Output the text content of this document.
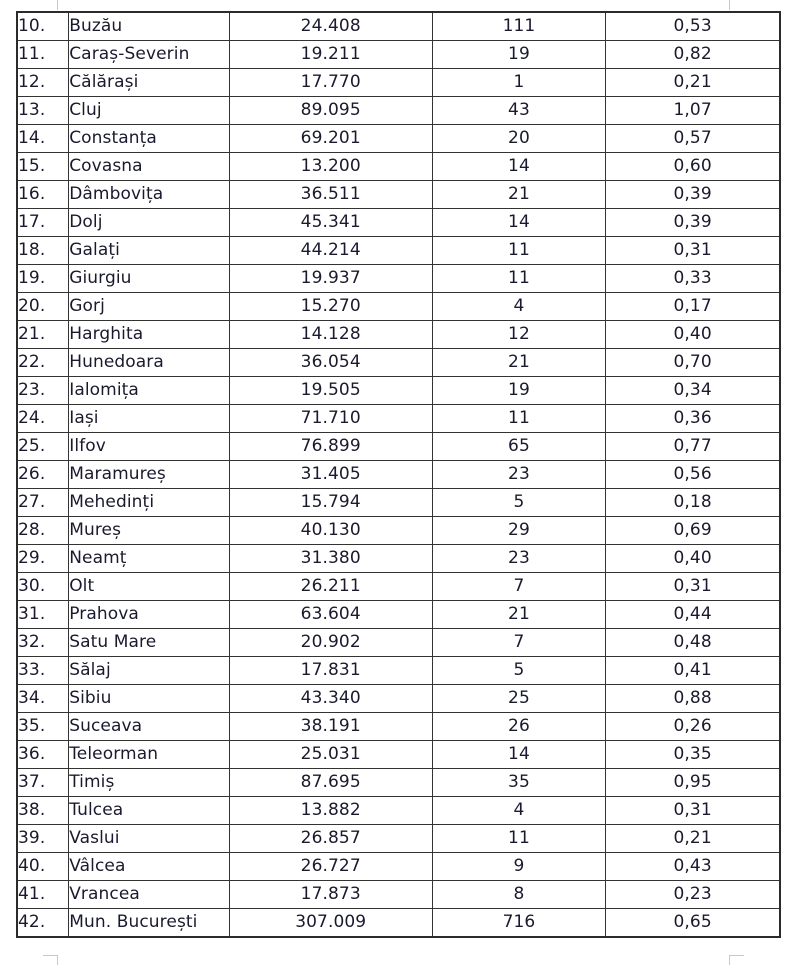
10.	Buzău	24.408	111	0,53
11.	Caraș-Severin	19.211	19	0,82
12.	Călărași	17.770	1	0,21
13.	Cluj	89.095	43	1,07
14.	Constanța	69.201	20	0,57
15.	Covasna	13.200	14	0,60
16.	Dâmbovița	36.511	21	0,39
17.	Dolj	45.341	14	0,39
18.	Galați	44.214	11	0,31
19.	Giurgiu	19.937	11	0,33
20.	Gorj	15.270	4	0,17
21.	Harghita	14.128	12	0,40
22.	Hunedoara	36.054	21	0,70
23.	Ialomița	19.505	19	0,34
24.	Iași	71.710	11	0,36
25.	Ilfov	76.899	65	0,77
26.	Maramureș	31.405	23	0,56
27.	Mehedinți	15.794	5	0,18
28.	Mureș	40.130	29	0,69
29.	Neamț	31.380	23	0,40
30.	Olt	26.211	7	0,31
31.	Prahova	63.604	21	0,44
32.	Satu Mare	20.902	7	0,48
33.	Sălaj	17.831	5	0,41
34.	Sibiu	43.340	25	0,88
35.	Suceava	38.191	26	0,26
36.	Teleorman	25.031	14	0,35
37.	Timiș	87.695	35	0,95
38.	Tulcea	13.882	4	0,31
39.	Vaslui	26.857	11	0,21
40.	Vâlcea	26.727	9	0,43
41.	Vrancea	17.873	8	0,23
42.	Mun. București	307.009	716	0,65
